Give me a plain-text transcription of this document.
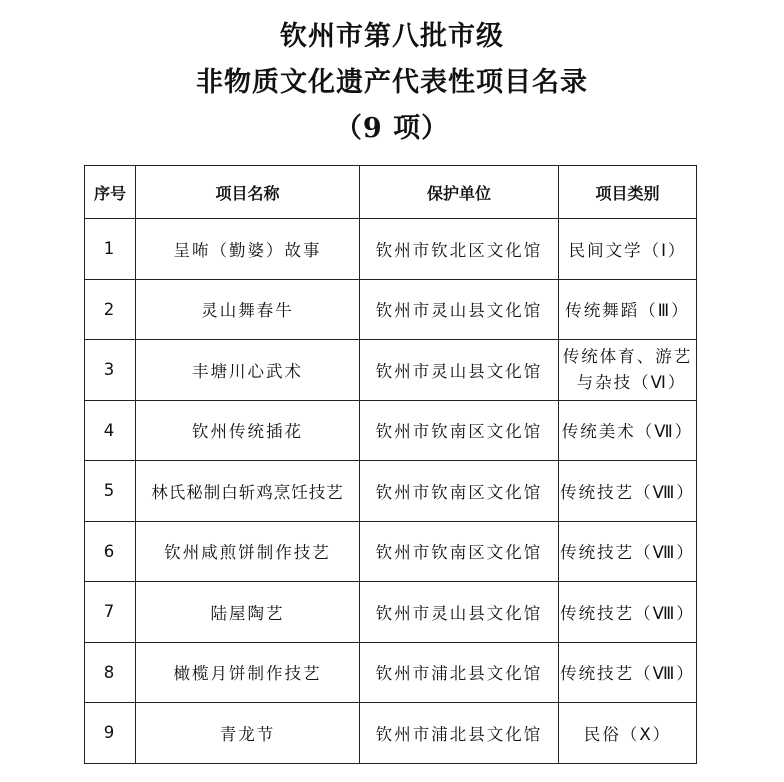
钦州市第八批市级
非物质文化遗产代表性项目名录
（9 项）
序号	项目名称	保护单位	项目类别
1	呈咘（勤婆）故事	钦州市钦北区文化馆	民间文学（Ⅰ）
2	灵山舞春牛	钦州市灵山县文化馆	传统舞蹈（Ⅲ）
3	丰塘川心武术	钦州市灵山县文化馆	传统体育、游艺
与杂技（Ⅵ）

4	钦州传统插花	钦州市钦南区文化馆	传统美术（Ⅶ）
5	林氏秘制白斩鸡烹饪技艺	钦州市钦南区文化馆	传统技艺（Ⅷ）
6	钦州咸煎饼制作技艺	钦州市钦南区文化馆	传统技艺（Ⅷ）
7	陆屋陶艺	钦州市灵山县文化馆	传统技艺（Ⅷ）
8	橄榄月饼制作技艺	钦州市浦北县文化馆	传统技艺（Ⅷ）
9	青龙节	钦州市浦北县文化馆	民俗（Ⅹ）
